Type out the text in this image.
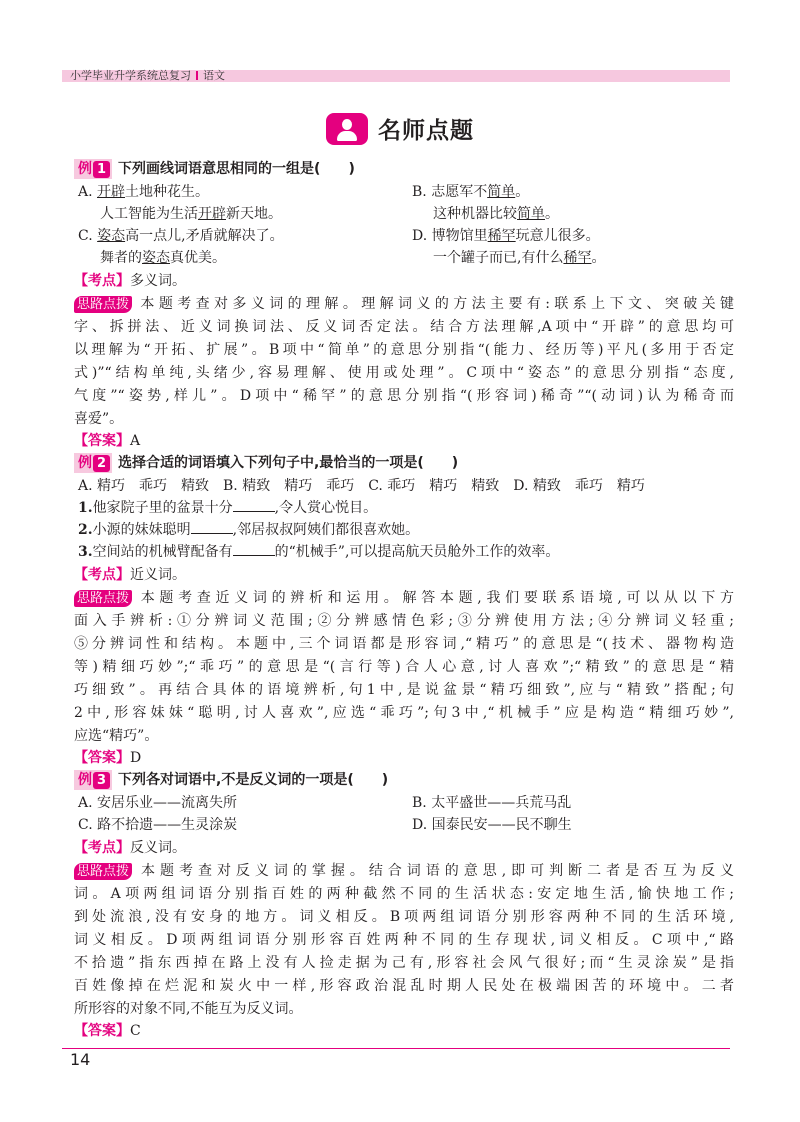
小学毕业升学系统总复习 语文
名师点题
例 1 下列画线词语意思相同的一组是(　　)
A. 开辟土地种花生。
人工智能为生活开辟新天地。
B. 志愿军不简单。
这种机器比较简单。
C. 姿态高一点儿,矛盾就解决了。
舞者的姿态真优美。
D. 博物馆里稀罕玩意儿很多。
一个罐子而已,有什么稀罕。
【考点】多义词。
思路点拨 本题考查对多义词的理解。理解词义的方法主要有:联系上下文、突破关键
字、拆拼法、近义词换词法、反义词否定法。结合方法理解,A项中“开辟”的意思均可
以理解为“开拓、扩展”。B项中“简单”的意思分别指“(能力、经历等)平凡(多用于否定
式)”“结构单纯,头绪少,容易理解、使用或处理”。C项中“姿态”的意思分别指“态度,
气度”“姿势,样儿”。D项中“稀罕”的意思分别指“(形容词)稀奇”“(动词)认为稀奇而
喜爱”。
【答案】A
例 2 选择合适的词语填入下列句子中,最恰当的一项是(　　)
A. 精巧　乖巧　精致　B. 精致　精巧　乖巧　C. 乖巧　精巧　精致　D. 精致　乖巧　精巧
1.他家院子里的盆景十分	,令人赏心悦目。
2.小源的妹妹聪明	,邻居叔叔阿姨们都很喜欢她。
3.空间站的机械臂配备有	的“机械手”,可以提高航天员舱外工作的效率。
【考点】近义词。
思路点拨 本题考查近义词的辨析和运用。解答本题,我们要联系语境,可以从以下方
面入手辨析:①分辨词义范围;②分辨感情色彩;③分辨使用方法;④分辨词义轻重;
⑤分辨词性和结构。本题中,三个词语都是形容词,“精巧”的意思是“(技术、器物构造
等)精细巧妙”;“乖巧”的意思是“(言行等)合人心意,讨人喜欢”;“精致”的意思是“精
巧细致”。再结合具体的语境辨析,句1中,是说盆景“精巧细致”,应与“精致”搭配;句
2中,形容妹妹“聪明,讨人喜欢”,应选“乖巧”;句3中,“机械手”应是构造“精细巧妙”,
应选“精巧”。
【答案】D
例 3 下列各对词语中,不是反义词的一项是(　　)
A. 安居乐业——流离失所	B. 太平盛世——兵荒马乱
C. 路不拾遗——生灵涂炭	D. 国泰民安——民不聊生
【考点】反义词。
思路点拨 本题考查对反义词的掌握。结合词语的意思,即可判断二者是否互为反义
词。A项两组词语分别指百姓的两种截然不同的生活状态:安定地生活,愉快地工作;
到处流浪,没有安身的地方。词义相反。B项两组词语分别形容两种不同的生活环境,
词义相反。D项两组词语分别形容百姓两种不同的生存现状,词义相反。C项中,“路
不拾遗”指东西掉在路上没有人捡走据为己有,形容社会风气很好;而“生灵涂炭”是指
百姓像掉在烂泥和炭火中一样,形容政治混乱时期人民处在极端困苦的环境中。二者
所形容的对象不同,不能互为反义词。
【答案】C
14
